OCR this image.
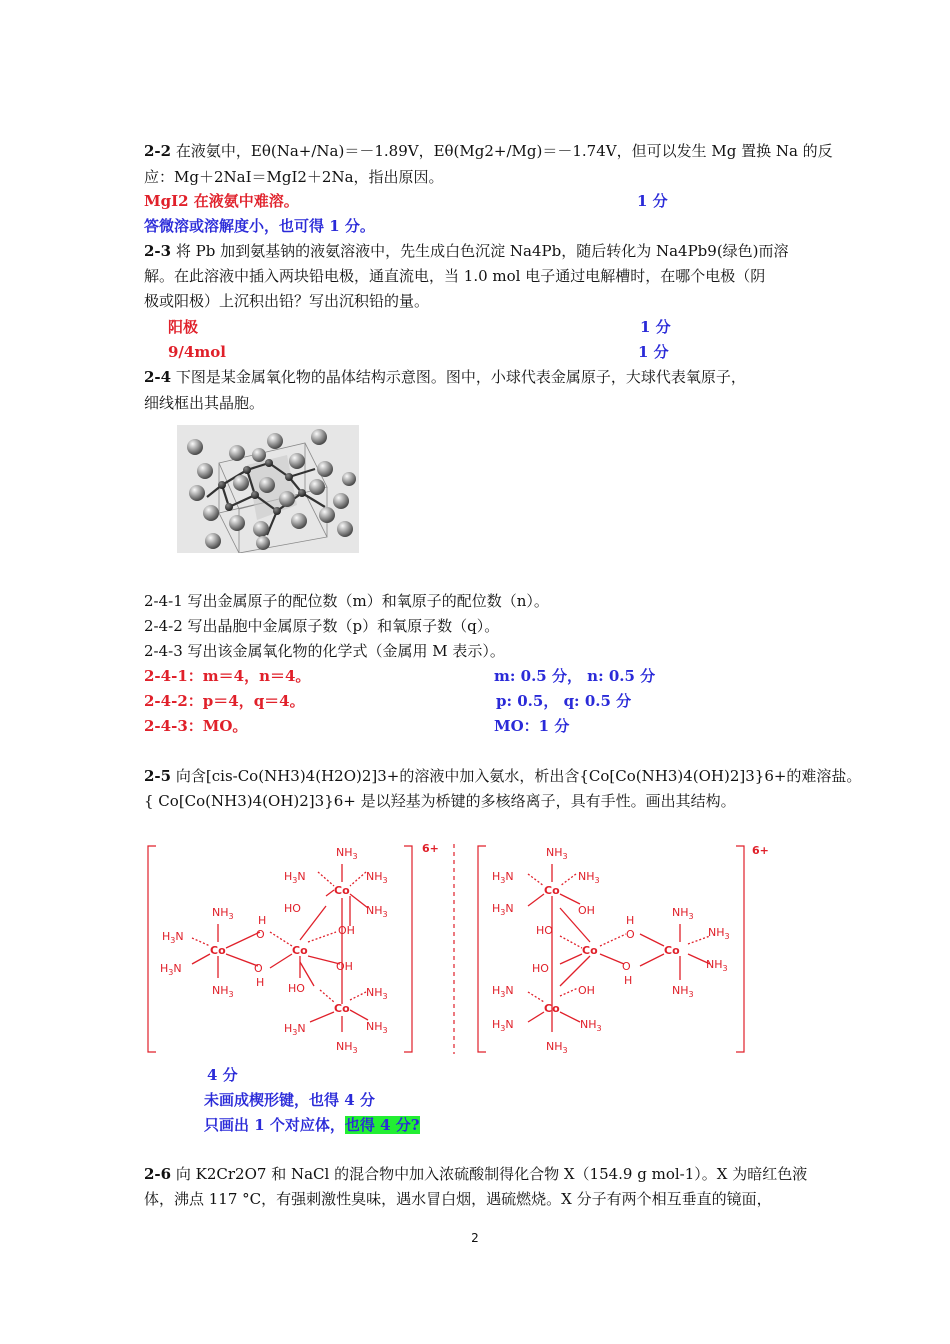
2-2 在液氨中，Eθ(Na+/Na)＝－1.89V，Eθ(Mg2+/Mg)＝－1.74V，但可以发生 Mg 置换 Na 的反
应：Mg＋2NaI＝MgI2＋2Na，指出原因。
MgI2 在液氨中难溶。	1 分
答微溶或溶解度小，也可得 1 分。
2-3 将 Pb 加到氨基钠的液氨溶液中，先生成白色沉淀 Na4Pb，随后转化为 Na4Pb9(绿色)而溶
解。在此溶液中插入两块铅电极，通直流电，当 1.0 mol 电子通过电解槽时，在哪个电极（阴
极或阳极）上沉积出铅？写出沉积铅的量。
阳极	1 分
9/4mol	1 分
2-4 下图是某金属氧化物的晶体结构示意图。图中，小球代表金属原子，大球代表氧原子，
细线框出其晶胞。
2-4-1 写出金属原子的配位数（m）和氧原子的配位数（n）。
2-4-2 写出晶胞中金属原子数（p）和氧原子数（q）。
2-4-3 写出该金属氧化物的化学式（金属用 M 表示）。
2-4-1：m＝4，n＝4。	m: 0.5 分， n: 0.5 分
2-4-2：p＝4，q＝4。	p: 0.5， q: 0.5 分
2-4-3：MO。	MO：1 分
2-5 向含[cis-Co(NH3)4(H2O)2]3+的溶液中加入氨水，析出含{Co[Co(NH3)4(OH)2]3}6+的难溶盐。
{ Co[Co(NH3)4(OH)2]3}6+ 是以羟基为桥键的多核络离子，具有手性。画出其结构。
6+	6+
$NH_3$
$H_3N$	$NH_3$
Co
HO	$NH_3$
OH
$NH_3$ H
O
$H_3N$
Co	Co
$H_3N$	O	OH
H
$NH_3$	HO	$NH_3$
Co
$H_3N$	$NH_3$
$NH_3$
$NH_3$
$H_3N$	$NH_3$
Co
$H_3N$	OH
HO
$NH_3$
H
O	$NH_3$
Co	Co
HO	O	$NH_3$
H
$NH_3$
$H_3N$	OH
Co
$H_3N$	$NH_3$
$NH_3$
4 分
未画成楔形键，也得 4 分
只画出 1 个对应体，也得 4 分?
2-6 向 K2Cr2O7 和 NaCl 的混合物中加入浓硫酸制得化合物 X（154.9 g mol-1）。X 为暗红色液
体，沸点 117 °C，有强刺激性臭味，遇水冒白烟，遇硫燃烧。X 分子有两个相互垂直的镜面，
2
